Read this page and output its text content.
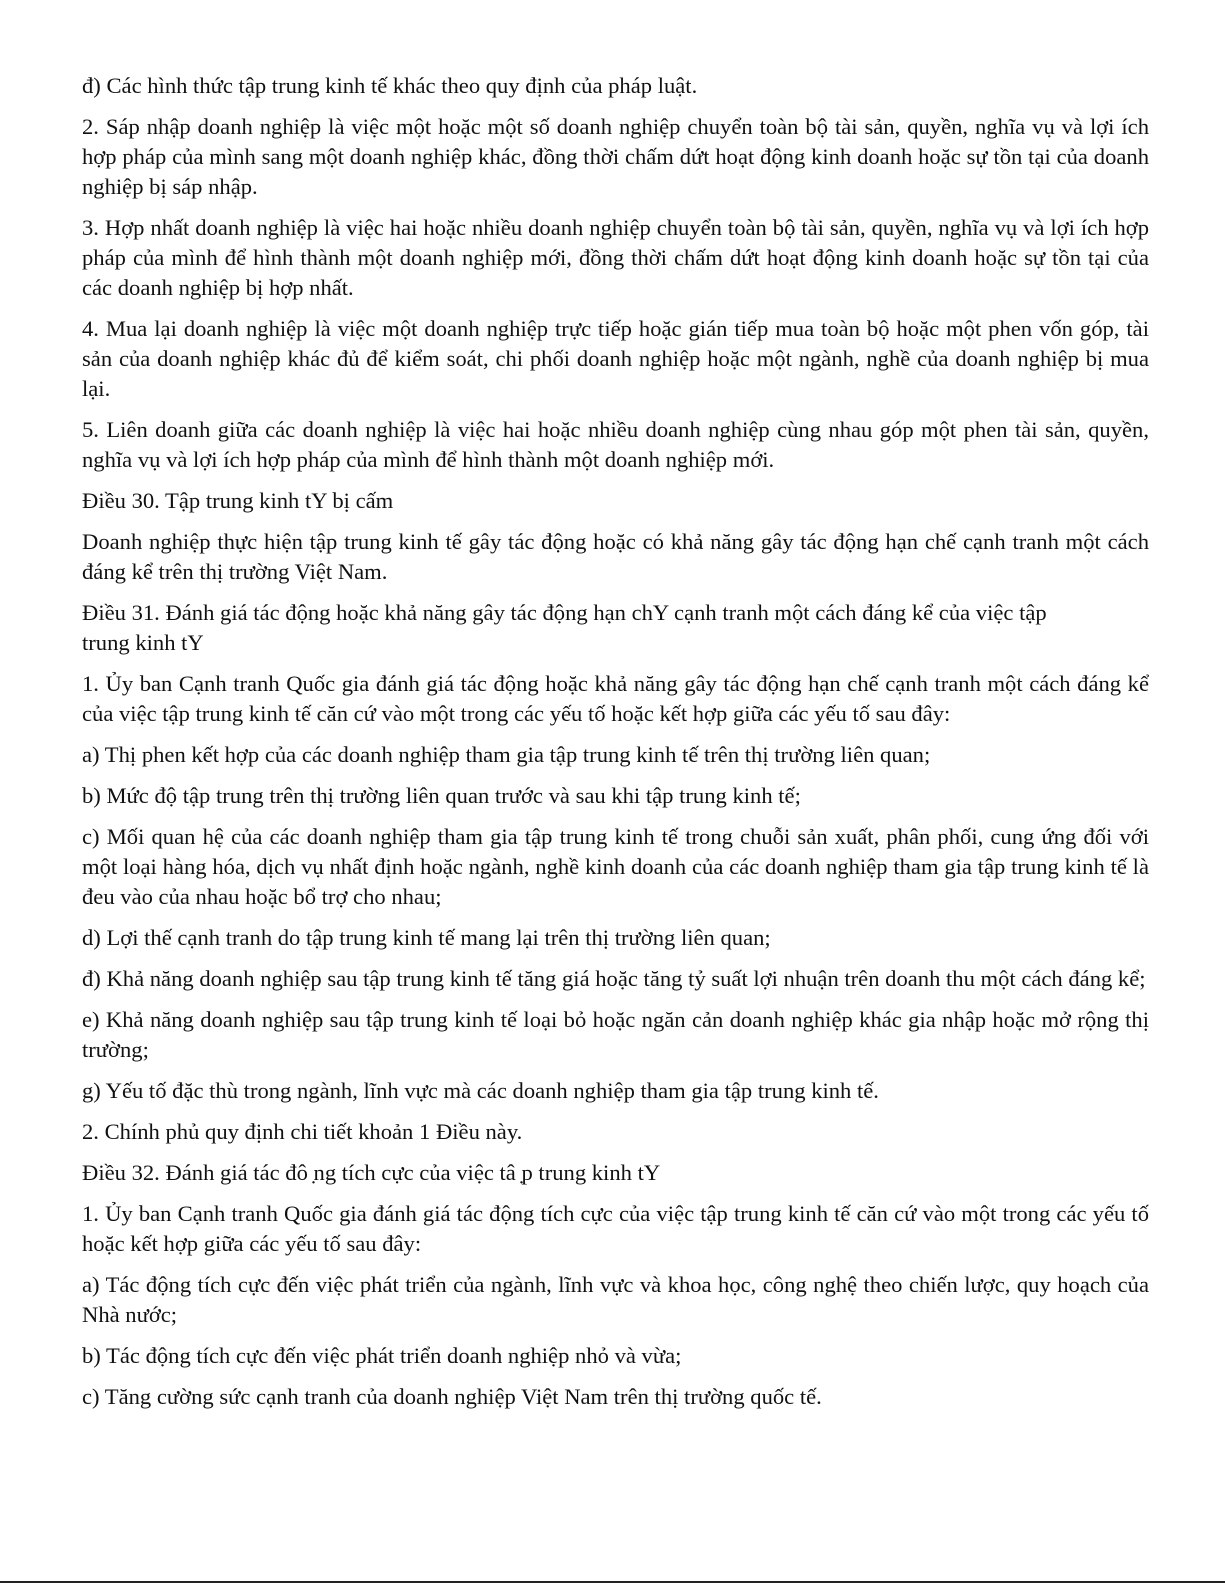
đ) Các hình thức tập trung kinh tế khác theo quy định của pháp luật.

2. Sáp nhập doanh nghiệp là việc một hoặc một số doanh nghiệp chuyển toàn bộ tài sản, quyền, nghĩa vụ và lợi ích hợp pháp của mình sang một doanh nghiệp khác, đồng thời chấm dứt hoạt động kinh doanh hoặc sự tồn tại của doanh nghiệp bị sáp nhập.

3. Hợp nhất doanh nghiệp là việc hai hoặc nhiều doanh nghiệp chuyển toàn bộ tài sản, quyền, nghĩa vụ và lợi ích hợp pháp của mình để hình thành một doanh nghiệp mới, đồng thời chấm dứt hoạt động kinh doanh hoặc sự tồn tại của các doanh nghiệp bị hợp nhất.

4. Mua lại doanh nghiệp là việc một doanh nghiệp trực tiếp hoặc gián tiếp mua toàn bộ hoặc một phen vốn góp, tài sản của doanh nghiệp khác đủ để kiểm soát, chi phối doanh nghiệp hoặc một ngành, nghề của doanh nghiệp bị mua lại.

5. Liên doanh giữa các doanh nghiệp là việc hai hoặc nhiều doanh nghiệp cùng nhau góp một phen tài sản, quyền, nghĩa vụ và lợi ích hợp pháp của mình để hình thành một doanh nghiệp mới.

Điều 30. Tập trung kinh tY bị cấm

Doanh nghiệp thực hiện tập trung kinh tế gây tác động hoặc có khả năng gây tác động hạn chế cạnh tranh một cách đáng kể trên thị trường Việt Nam.

Điều 31. Đánh giá tác động hoặc khả năng gây tác động hạn chY cạnh tranh một cách đáng kể của việc tập trung kinh tY

1. Ủy ban Cạnh tranh Quốc gia đánh giá tác động hoặc khả năng gây tác động hạn chế cạnh tranh một cách đáng kể của việc tập trung kinh tế căn cứ vào một trong các yếu tố hoặc kết hợp giữa các yếu tố sau đây:

a) Thị phen kết hợp của các doanh nghiệp tham gia tập trung kinh tế trên thị trường liên quan;

b) Mức độ tập trung trên thị trường liên quan trước và sau khi tập trung kinh tế;

c) Mối quan hệ của các doanh nghiệp tham gia tập trung kinh tế trong chuỗi sản xuất, phân phối, cung ứng đối với một loại hàng hóa, dịch vụ nhất định hoặc ngành, nghề kinh doanh của các doanh nghiệp tham gia tập trung kinh tế là đeu vào của nhau hoặc bổ trợ cho nhau;

d) Lợi thế cạnh tranh do tập trung kinh tế mang lại trên thị trường liên quan;

đ) Khả năng doanh nghiệp sau tập trung kinh tế tăng giá hoặc tăng tỷ suất lợi nhuận trên doanh thu một cách đáng kể;

e) Khả năng doanh nghiệp sau tập trung kinh tế loại bỏ hoặc ngăn cản doanh nghiệp khác gia nhập hoặc mở rộng thị trường;

g) Yếu tố đặc thù trong ngành, lĩnh vực mà các doanh nghiệp tham gia tập trung kinh tế.

2. Chính phủ quy định chi tiết khoản 1 Điều này.

Điều 32. Đánh giá tác đô ̣ng tích cực của việc tâ ̣p trung kinh tY

1. Ủy ban Cạnh tranh Quốc gia đánh giá tác động tích cực của việc tập trung kinh tế căn cứ vào một trong các yếu tố hoặc kết hợp giữa các yếu tố sau đây:

a) Tác động tích cực đến việc phát triển của ngành, lĩnh vực và khoa học, công nghệ theo chiến lược, quy hoạch của Nhà nước;

b) Tác động tích cực đến việc phát triển doanh nghiệp nhỏ và vừa;

c) Tăng cường sức cạnh tranh của doanh nghiệp Việt Nam trên thị trường quốc tế.
